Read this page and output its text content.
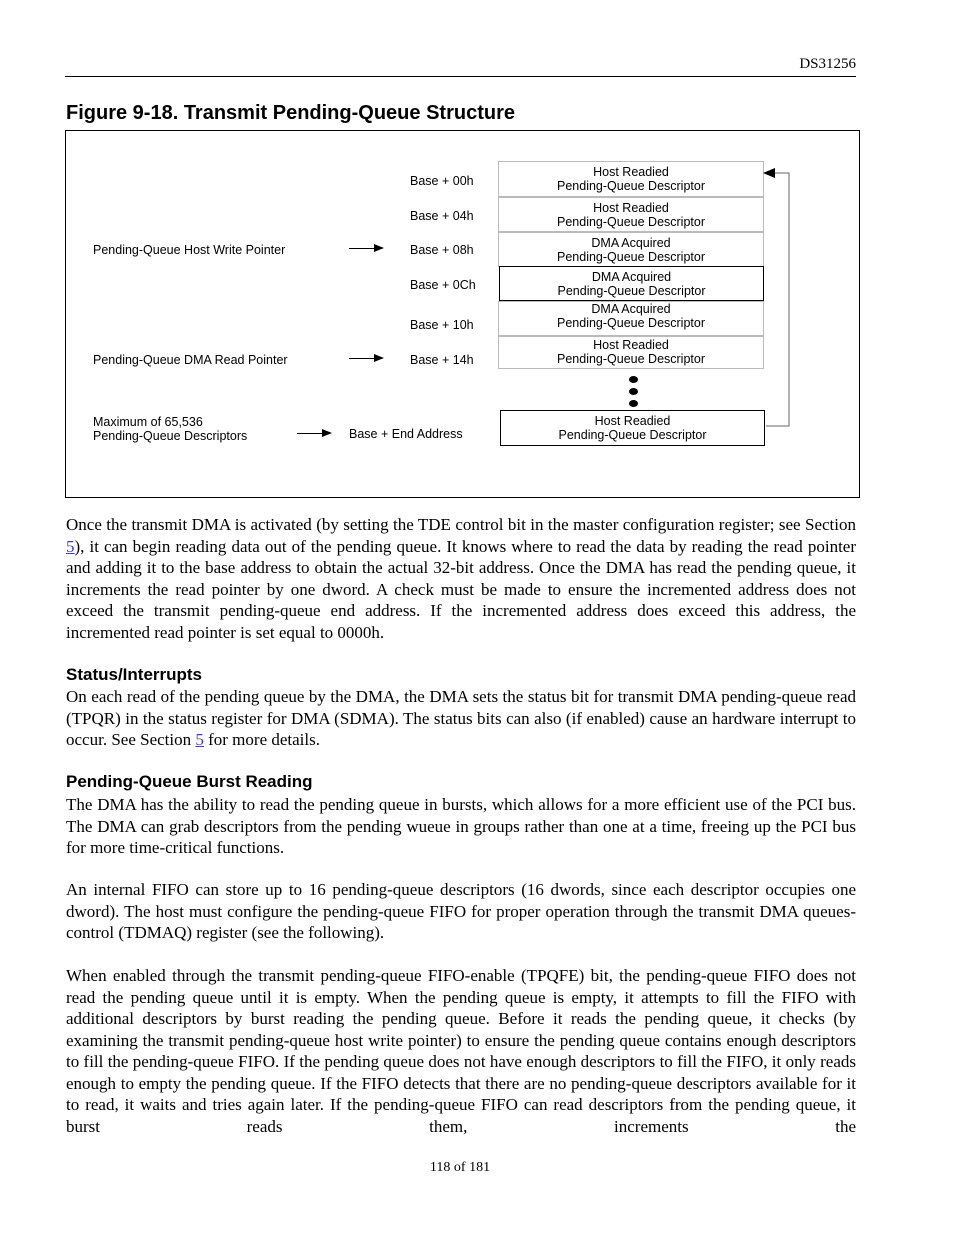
DS31256
Figure 9-18. Transmit Pending-Queue Structure
Pending-Queue Host Write Pointer
Pending-Queue DMA Read Pointer
Maximum of 65,536
Pending-Queue Descriptors
Base + 00h
Base + 04h
Base + 08h
Base + 0Ch
Base + 10h
Base + 14h
Base + End Address
Host Readied
Pending-Queue Descriptor
Host Readied
Pending-Queue Descriptor
DMA Acquired
Pending-Queue Descriptor
DMA Acquired
Pending-Queue Descriptor
DMA Acquired
Pending-Queue Descriptor
Host Readied
Pending-Queue Descriptor
Host Readied
Pending-Queue Descriptor
Once the transmit DMA is activated (by setting the TDE control bit in the master configuration register; see Section 5), it can begin reading data out of the pending queue. It knows where to read the data by reading the read pointer and adding it to the base address to obtain the actual 32-bit address. Once the DMA has read the pending queue, it increments the read pointer by one dword. A check must be made to ensure the incremented address does not exceed the transmit pending-queue end address. If the incremented address does exceed this address, the incremented read pointer is set equal to 0000h.
Status/Interrupts
On each read of the pending queue by the DMA, the DMA sets the status bit for transmit DMA pending-queue read (TPQR) in the status register for DMA (SDMA). The status bits can also (if enabled) cause an hardware interrupt to occur. See Section 5 for more details.
Pending-Queue Burst Reading
The DMA has the ability to read the pending queue in bursts, which allows for a more efficient use of the PCI bus. The DMA can grab descriptors from the pending wueue in groups rather than one at a time, freeing up the PCI bus for more time-critical functions.
An internal FIFO can store up to 16 pending-queue descriptors (16 dwords, since each descriptor occupies one dword). The host must configure the pending-queue FIFO for proper operation through the transmit DMA queues-control (TDMAQ) register (see the following).
When enabled through the transmit pending-queue FIFO-enable (TPQFE) bit, the pending-queue FIFO does not read the pending queue until it is empty. When the pending queue is empty, it attempts to fill the FIFO with additional descriptors by burst reading the pending queue. Before it reads the pending queue, it checks (by examining the transmit pending-queue host write pointer) to ensure the pending queue contains enough descriptors to fill the pending-queue FIFO. If the pending queue does not have enough descriptors to fill the FIFO, it only reads enough to empty the pending queue. If the FIFO detects that there are no pending-queue descriptors available for it to read, it waits and tries again later. If the pending-queue FIFO can read descriptors from the pending queue, it burst reads them, increments the
118 of 181
